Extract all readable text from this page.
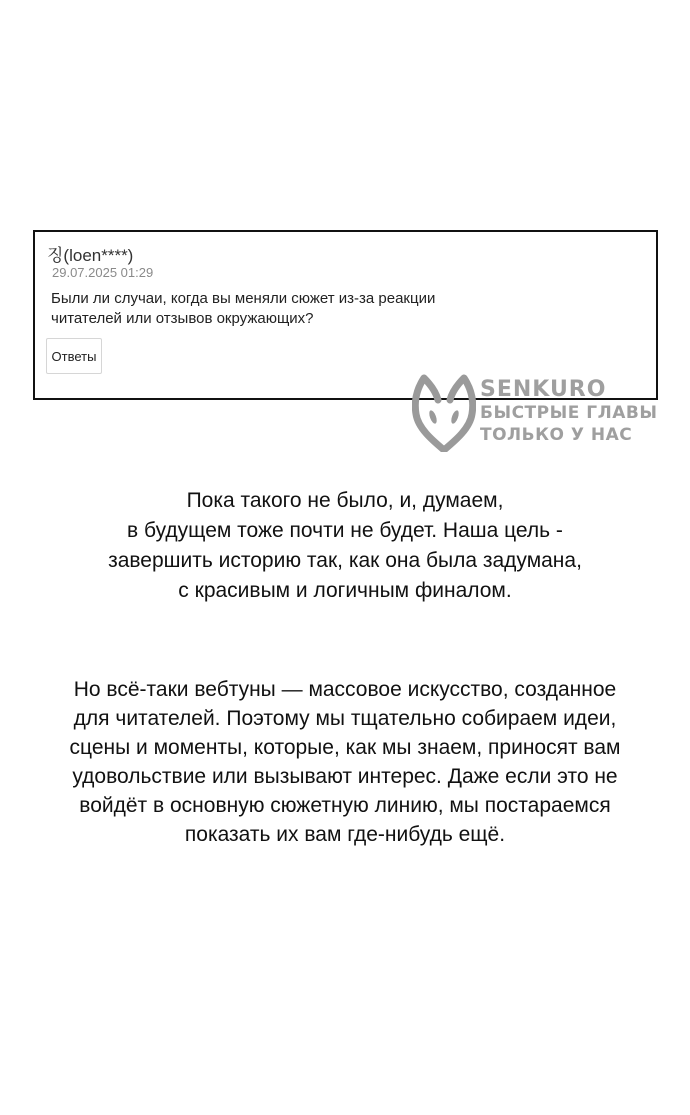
징(loen****)
29.07.2025 01:29
Были ли случаи, когда вы меняли сюжет из-за реакции
читателей или отзывов окружающих?
Ответы
SENKURO
БЫСТРЫЕ ГЛАВЫ
ТОЛЬКО У НАС
Пока такого не было, и, думаем,
в будущем тоже почти не будет. Наша цель -
завершить историю так, как она была задумана,
с красивым и логичным финалом.
Но всё-таки вебтуны — массовое искусство, созданное
для читателей. Поэтому мы тщательно собираем идеи,
сцены и моменты, которые, как мы знаем, приносят вам
удовольствие или вызывают интерес. Даже если это не
войдёт в основную сюжетную линию, мы постараемся
показать их вам где-нибудь ещё.
